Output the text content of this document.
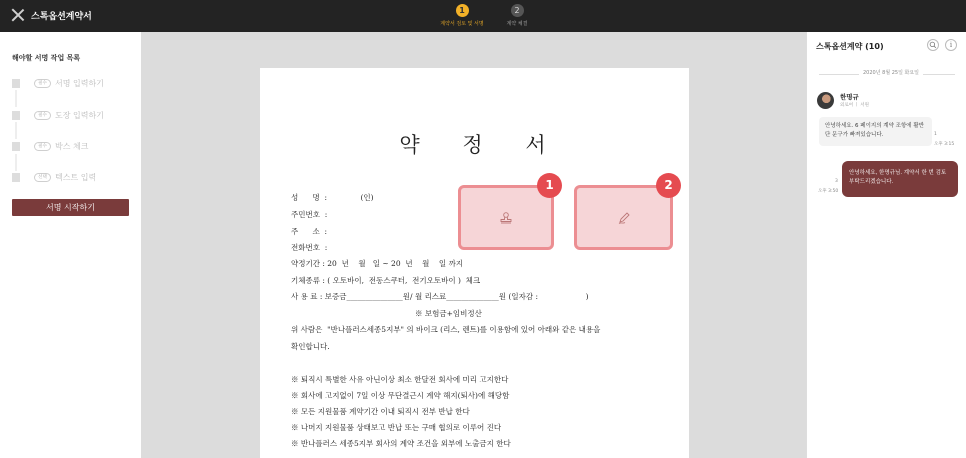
스톡옵션계약서
1
계약서 검토 및 서명
2
계약 체결
해야할 서명 작업 목록
필수	서명 입력하기
필수	도장 입력하기
필수	박스 체크
선택	텍스트 입력
서명 시작하기
약 정 서
성      명  :              (인)
주민번호  :
주      소  :
전화번호  :
약정기간 : 20  년    월   일 ~ 20  년    월    일 까지
기체종류 : ( 오토바이,  전동스쿠터,  전기오토바이 )  체크
사 용 료 : 보증금_______________원/ 월 리스료______________원 (일자감 :                    )
※ 보험금+임비정산
위 사람은  "반나플러스세종5지부" 의 바이크 (리스, 렌트)를 이용함에 있어 아래와 같은 내용을
확인합니다.
※ 퇴직시 특별한 사유 아닌이상 최소 한달전 회사에 미리 고지한다
※ 회사에 고지없이 7일 이상 무단결근시 계약 해지(퇴사)에 해당함
※ 모든 지원물품 계약기간 이내 퇴직시 전부 반납 한다
※ 나머지 지원물품 상태보고 반납 또는 구매 협의로 이루어 진다
※ 반나플러스 세종5지부 회사의 계약 조건을 외부에 노출금지 한다
1	2
스톡옵션계약 (10)	i
2020년 8월 25일 화요일
한명규
외로여 ㅣ 서원
안녕하세요. 6 페이지의 계약 조항에 활반단 문구가 빠져있습니다.	1
오후 3:15
3
오후 3:50
안녕하세요, 한명규님. 계약서 한 번 검토 부탁드리겠습니다.
